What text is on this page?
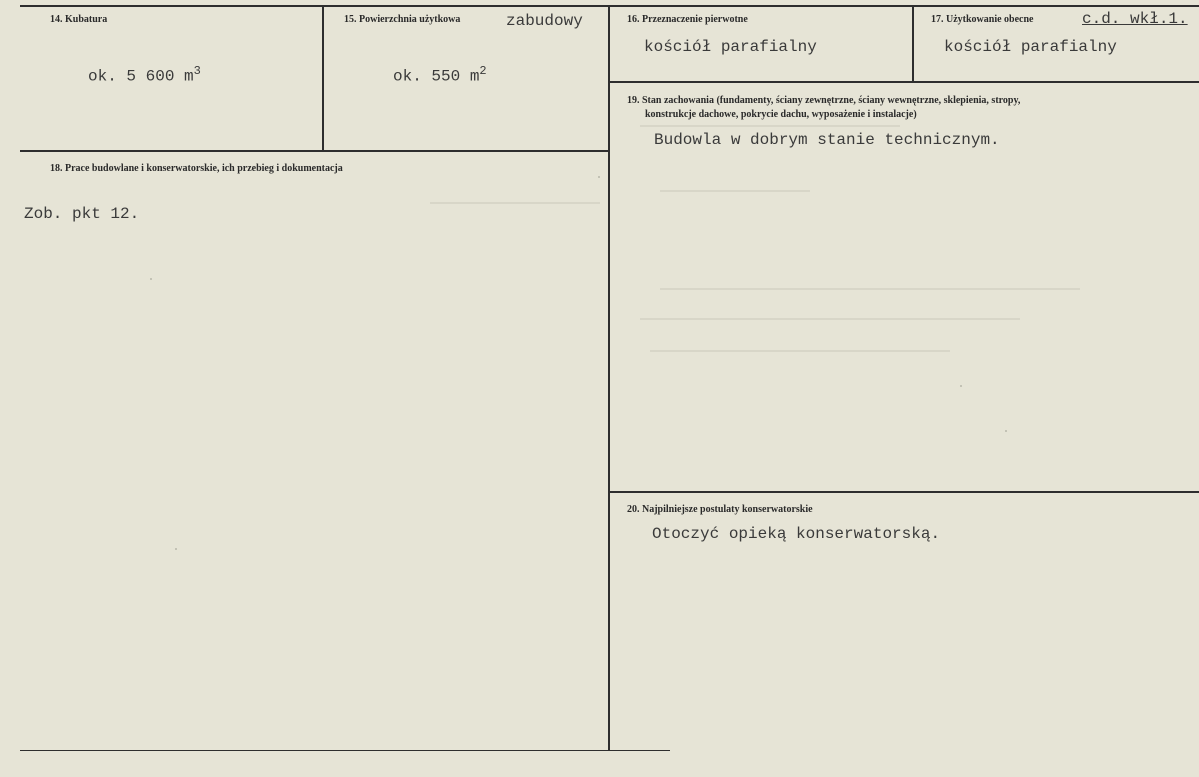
14. Kubatura
ok. 5 600 $m^3$
15. Powierzchnia użytkowa	zabudowy
ok. 550 $m^2$
16. Przeznaczenie pierwotne
kościół parafialny
17. Użytkowanie obecne	c.d. wkł.1.
kościół parafialny
18. Prace budowlane i konserwatorskie, ich przebieg i dokumentacja
Zob. pkt 12.
19. Stan zachowania (fundamenty, ściany zewnętrzne, ściany wewnętrzne, sklepienia, stropy,
konstrukcje dachowe, pokrycie dachu, wyposażenie i instalacje)
Budowla w dobrym stanie technicznym.
20. Najpilniejsze postulaty konserwatorskie
Otoczyć opieką konserwatorską.
